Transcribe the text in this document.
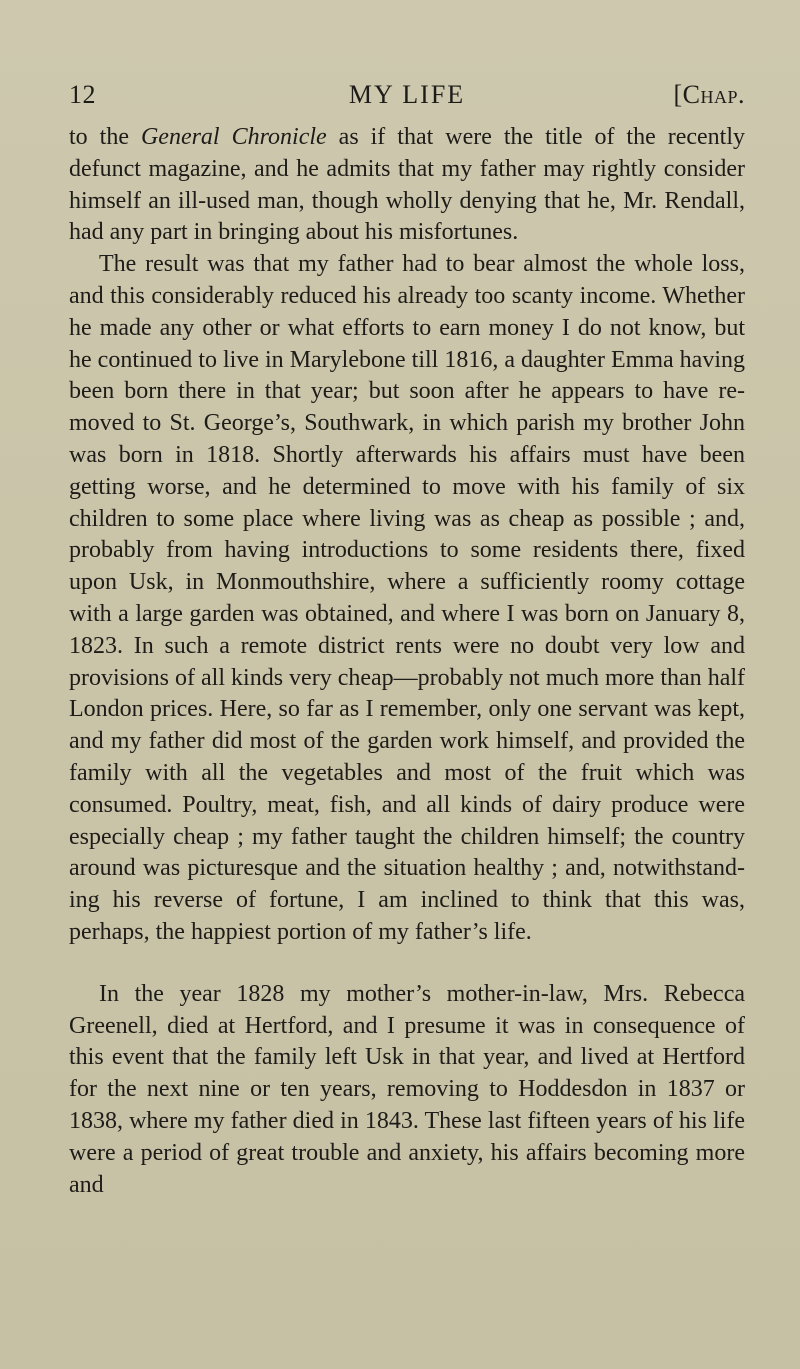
12	MY LIFE	[Chap.

to the General Chronicle as if that were the title of the recently defunct magazine, and he admits that my father may rightly consider himself an ill-used man, though wholly denying that he, Mr. Rendall, had any part in bringing about his misfortunes.

The result was that my father had to bear almost the whole loss, and this considerably reduced his already too scanty income. Whether he made any other or what efforts to earn money I do not know, but he continued to live in Marylebone till 1816, a daughter Emma having been born there in that year; but soon after he appears to have removed to St. George’s, Southwark, in which parish my brother John was born in 1818. Shortly afterwards his affairs must have been getting worse, and he determined to move with his family of six children to some place where living was as cheap as possible ; and, probably from having introductions to some residents there, fixed upon Usk, in Monmouthshire, where a sufficiently roomy cottage with a large garden was obtained, and where I was born on January 8, 1823. In such a remote district rents were no doubt very low and provisions of all kinds very cheap—probably not much more than half London prices. Here, so far as I remember, only one servant was kept, and my father did most of the garden work himself, and provided the family with all the vegetables and most of the fruit which was consumed. Poultry, meat, fish, and all kinds of dairy produce were especially cheap ; my father taught the children himself; the country around was picturesque and the situation healthy ; and, notwithstanding his reverse of fortune, I am inclined to think that this was, perhaps, the happiest portion of my father’s life.

In the year 1828 my mother’s mother-in-law, Mrs. Rebecca Greenell, died at Hertford, and I presume it was in consequence of this event that the family left Usk in that year, and lived at Hertford for the next nine or ten years, removing to Hoddesdon in 1837 or 1838, where my father died in 1843. These last fifteen years of his life were a period of great trouble and anxiety, his affairs becoming more and
